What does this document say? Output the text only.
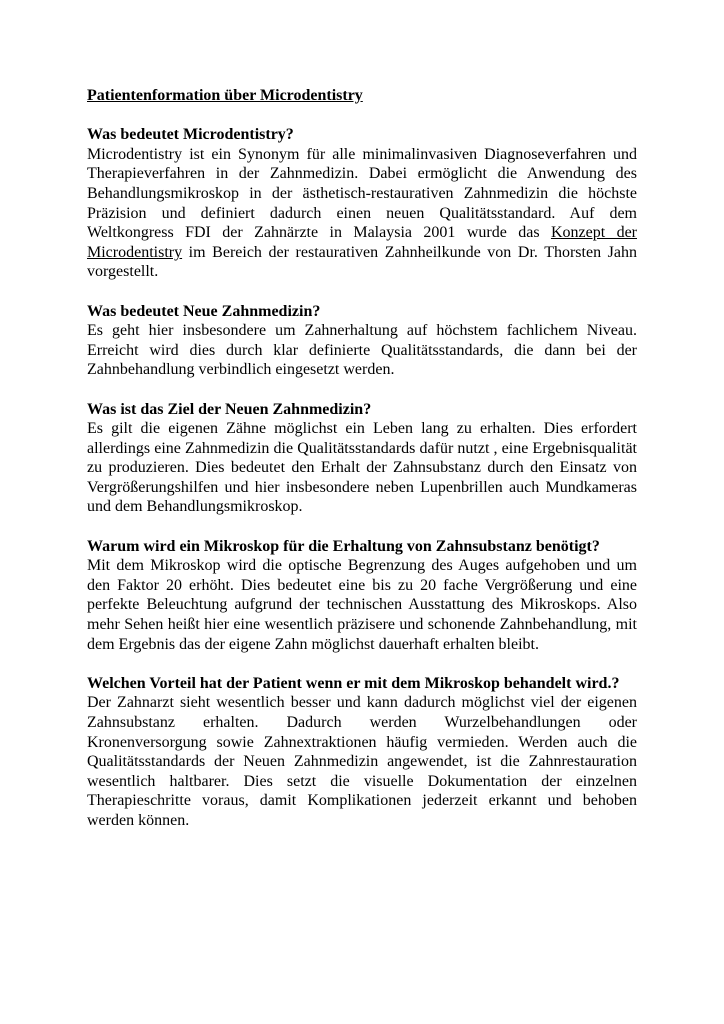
Patientenformation über Microdentistry

Was bedeutet Microdentistry?

Microdentistry ist ein Synonym für alle minimalinvasiven Diagnoseverfahren und Therapieverfahren in der Zahnmedizin. Dabei ermöglicht die Anwendung des Behandlungsmikroskop in der ästhetisch-restaurativen Zahnmedizin die höchste Präzision und definiert dadurch einen neuen Qualitätsstandard. Auf dem Weltkongress FDI der Zahnärzte in Malaysia 2001 wurde das Konzept der Microdentistry im Bereich der restaurativen Zahnheilkunde von Dr. Thorsten Jahn vorgestellt.

Was bedeutet Neue Zahnmedizin?

Es geht hier insbesondere um Zahnerhaltung auf höchstem fachlichem Niveau. Erreicht wird dies durch klar definierte Qualitätsstandards, die dann bei der Zahnbehandlung verbindlich eingesetzt werden.

Was ist das Ziel der Neuen Zahnmedizin?

Es gilt die eigenen Zähne möglichst ein Leben lang zu erhalten. Dies erfordert allerdings eine Zahnmedizin die Qualitätsstandards dafür nutzt , eine Ergebnisqualität zu produzieren. Dies bedeutet den Erhalt der Zahnsubstanz durch den Einsatz von Vergrößerungshilfen und hier insbesondere neben Lupenbrillen auch Mundkameras und dem Behandlungsmikroskop.

Warum wird ein Mikroskop für die Erhaltung von Zahnsubstanz benötigt?

Mit dem Mikroskop wird die optische Begrenzung des Auges aufgehoben und um den Faktor 20 erhöht. Dies bedeutet eine bis zu 20 fache Vergrößerung und eine perfekte Beleuchtung aufgrund der technischen Ausstattung des Mikroskops. Also mehr Sehen heißt hier eine wesentlich präzisere und schonende Zahnbehandlung, mit dem Ergebnis das der eigene Zahn möglichst dauerhaft erhalten bleibt.

Welchen Vorteil hat der Patient wenn er mit dem Mikroskop behandelt wird.?

Der Zahnarzt sieht wesentlich besser und kann dadurch möglichst viel der eigenen Zahnsubstanz erhalten. Dadurch werden Wurzelbehandlungen oder Kronenversorgung sowie Zahnextraktionen häufig vermieden. Werden auch die Qualitätsstandards der Neuen Zahnmedizin angewendet, ist die Zahnrestauration wesentlich haltbarer. Dies setzt die visuelle Dokumentation der einzelnen Therapieschritte voraus, damit Komplikationen jederzeit erkannt und behoben werden können.
